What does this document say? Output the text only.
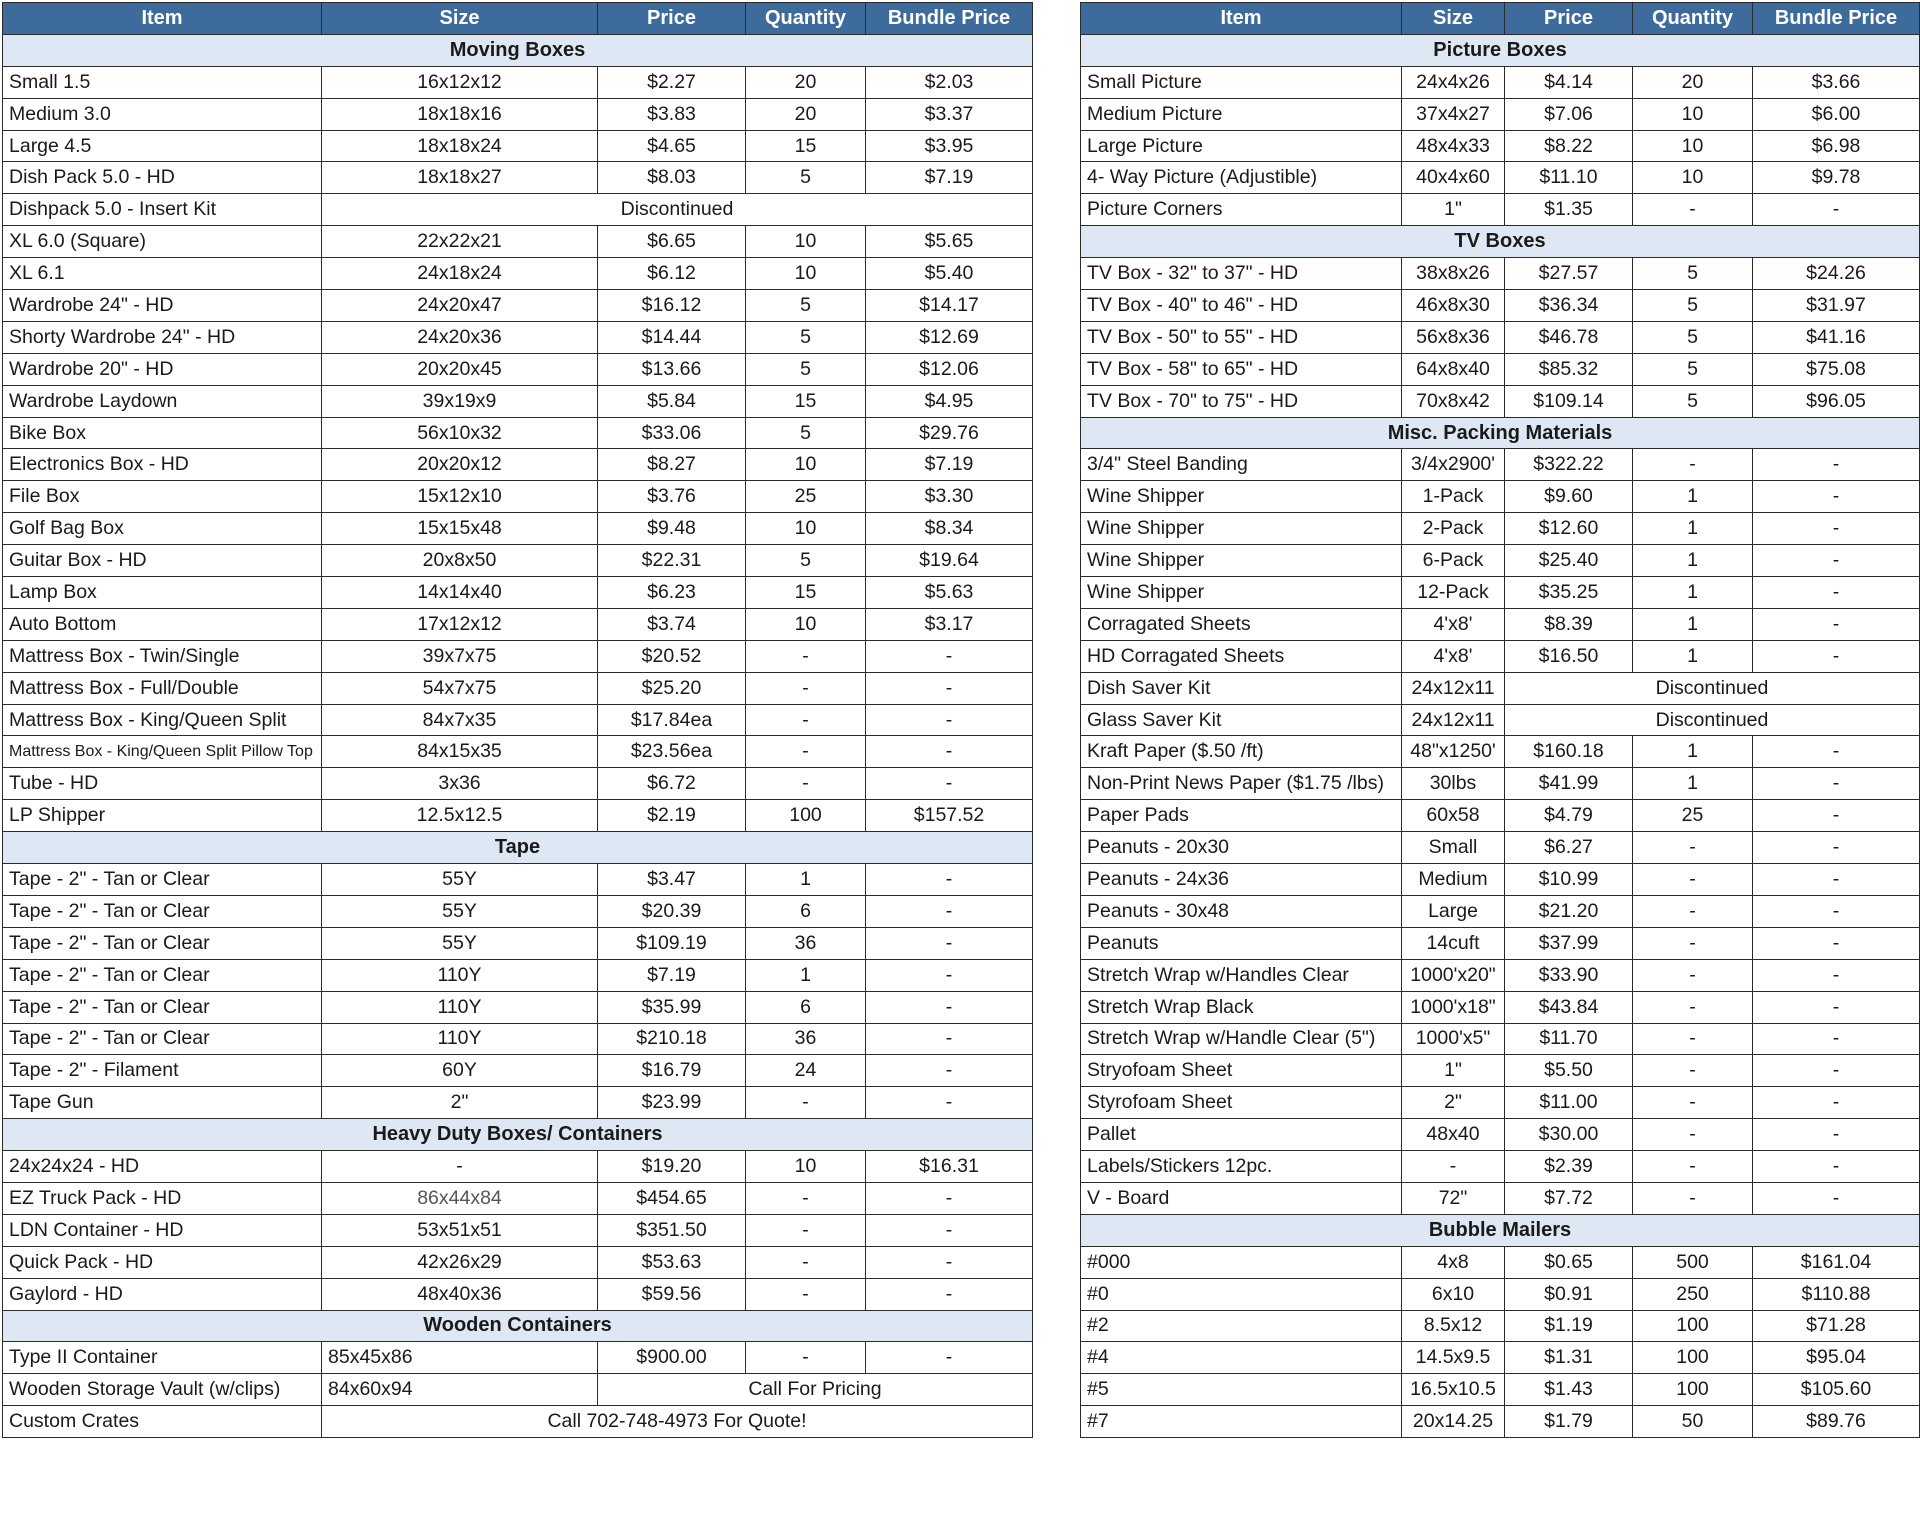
Item	Size	Price	Quantity	Bundle Price
Moving Boxes				
Small 1.5	16x12x12	$2.27	20	$2.03
Medium 3.0	18x18x16	$3.83	20	$3.37
Large 4.5	18x18x24	$4.65	15	$3.95
Dish Pack 5.0 - HD	18x18x27	$8.03	5	$7.19
Dishpack 5.0 - Insert Kit	Discontinued			
XL 6.0 (Square)	22x22x21	$6.65	10	$5.65
XL 6.1	24x18x24	$6.12	10	$5.40
Wardrobe 24" - HD	24x20x47	$16.12	5	$14.17
Shorty Wardrobe 24" - HD	24x20x36	$14.44	5	$12.69
Wardrobe 20" - HD	20x20x45	$13.66	5	$12.06
Wardrobe Laydown	39x19x9	$5.84	15	$4.95
Bike Box	56x10x32	$33.06	5	$29.76
Electronics Box - HD	20x20x12	$8.27	10	$7.19
File Box	15x12x10	$3.76	25	$3.30
Golf Bag Box	15x15x48	$9.48	10	$8.34
Guitar Box - HD	20x8x50	$22.31	5	$19.64
Lamp Box	14x14x40	$6.23	15	$5.63
Auto Bottom	17x12x12	$3.74	10	$3.17
Mattress Box - Twin/Single	39x7x75	$20.52	-	-
Mattress Box - Full/Double	54x7x75	$25.20	-	-
Mattress Box - King/Queen Split	84x7x35	$17.84ea	-	-
Mattress Box - King/Queen Split Pillow Top	84x15x35	$23.56ea	-	-
Tube - HD	3x36	$6.72	-	-
LP Shipper	12.5x12.5	$2.19	100	$157.52
Tape				
Tape - 2" - Tan or Clear	55Y	$3.47	1	-
Tape - 2" - Tan or Clear	55Y	$20.39	6	-
Tape - 2" - Tan or Clear	55Y	$109.19	36	-
Tape - 2" - Tan or Clear	110Y	$7.19	1	-
Tape - 2" - Tan or Clear	110Y	$35.99	6	-
Tape - 2" - Tan or Clear	110Y	$210.18	36	-
Tape - 2" - Filament	60Y	$16.79	24	-
Tape Gun	2"	$23.99	-	-
Heavy Duty Boxes/ Containers				
24x24x24 - HD	-	$19.20	10	$16.31
EZ Truck Pack - HD	86x44x84	$454.65	-	-
LDN Container - HD	53x51x51	$351.50	-	-
Quick Pack - HD	42x26x29	$53.63	-	-
Gaylord - HD	48x40x36	$59.56	-	-
Wooden Containers				
Type II Container	85x45x86	$900.00	-	-
Wooden Storage Vault (w/clips)	84x60x94	Call For Pricing		
Custom Crates	Call 702-748-4973 For Quote!			
Item	Size	Price	Quantity	Bundle Price
Picture Boxes				
Small Picture	24x4x26	$4.14	20	$3.66
Medium Picture	37x4x27	$7.06	10	$6.00
Large Picture	48x4x33	$8.22	10	$6.98
4- Way Picture (Adjustible)	40x4x60	$11.10	10	$9.78
Picture Corners	1"	$1.35	-	-
TV Boxes				
TV Box - 32" to 37" - HD	38x8x26	$27.57	5	$24.26
TV Box - 40" to 46" - HD	46x8x30	$36.34	5	$31.97
TV Box - 50" to 55" - HD	56x8x36	$46.78	5	$41.16
TV Box - 58" to 65" - HD	64x8x40	$85.32	5	$75.08
TV Box - 70" to 75" - HD	70x8x42	$109.14	5	$96.05
Misc. Packing Materials				
3/4" Steel Banding	3/4x2900'	$322.22	-	-
Wine Shipper	1-Pack	$9.60	1	-
Wine Shipper	2-Pack	$12.60	1	-
Wine Shipper	6-Pack	$25.40	1	-
Wine Shipper	12-Pack	$35.25	1	-
Corragated Sheets	4'x8'	$8.39	1	-
HD Corragated Sheets	4'x8'	$16.50	1	-
Dish Saver Kit	24x12x11	Discontinued		
Glass Saver Kit	24x12x11	Discontinued		
Kraft Paper ($.50 /ft)	48"x1250'	$160.18	1	-
Non-Print News Paper ($1.75 /lbs)	30lbs	$41.99	1	-
Paper Pads	60x58	$4.79	25	-
Peanuts - 20x30	Small	$6.27	-	-
Peanuts - 24x36	Medium	$10.99	-	-
Peanuts - 30x48	Large	$21.20	-	-
Peanuts	14cuft	$37.99	-	-
Stretch Wrap w/Handles Clear	1000'x20"	$33.90	-	-
Stretch Wrap Black	1000'x18"	$43.84	-	-
Stretch Wrap w/Handle Clear (5")	1000'x5"	$11.70	-	-
Stryofoam Sheet	1"	$5.50	-	-
Styrofoam Sheet	2"	$11.00	-	-
Pallet	48x40	$30.00	-	-
Labels/Stickers 12pc.	-	$2.39	-	-
V - Board	72"	$7.72	-	-
Bubble Mailers				
#000	4x8	$0.65	500	$161.04
#0	6x10	$0.91	250	$110.88
#2	8.5x12	$1.19	100	$71.28
#4	14.5x9.5	$1.31	100	$95.04
#5	16.5x10.5	$1.43	100	$105.60
#7	20x14.25	$1.79	50	$89.76
